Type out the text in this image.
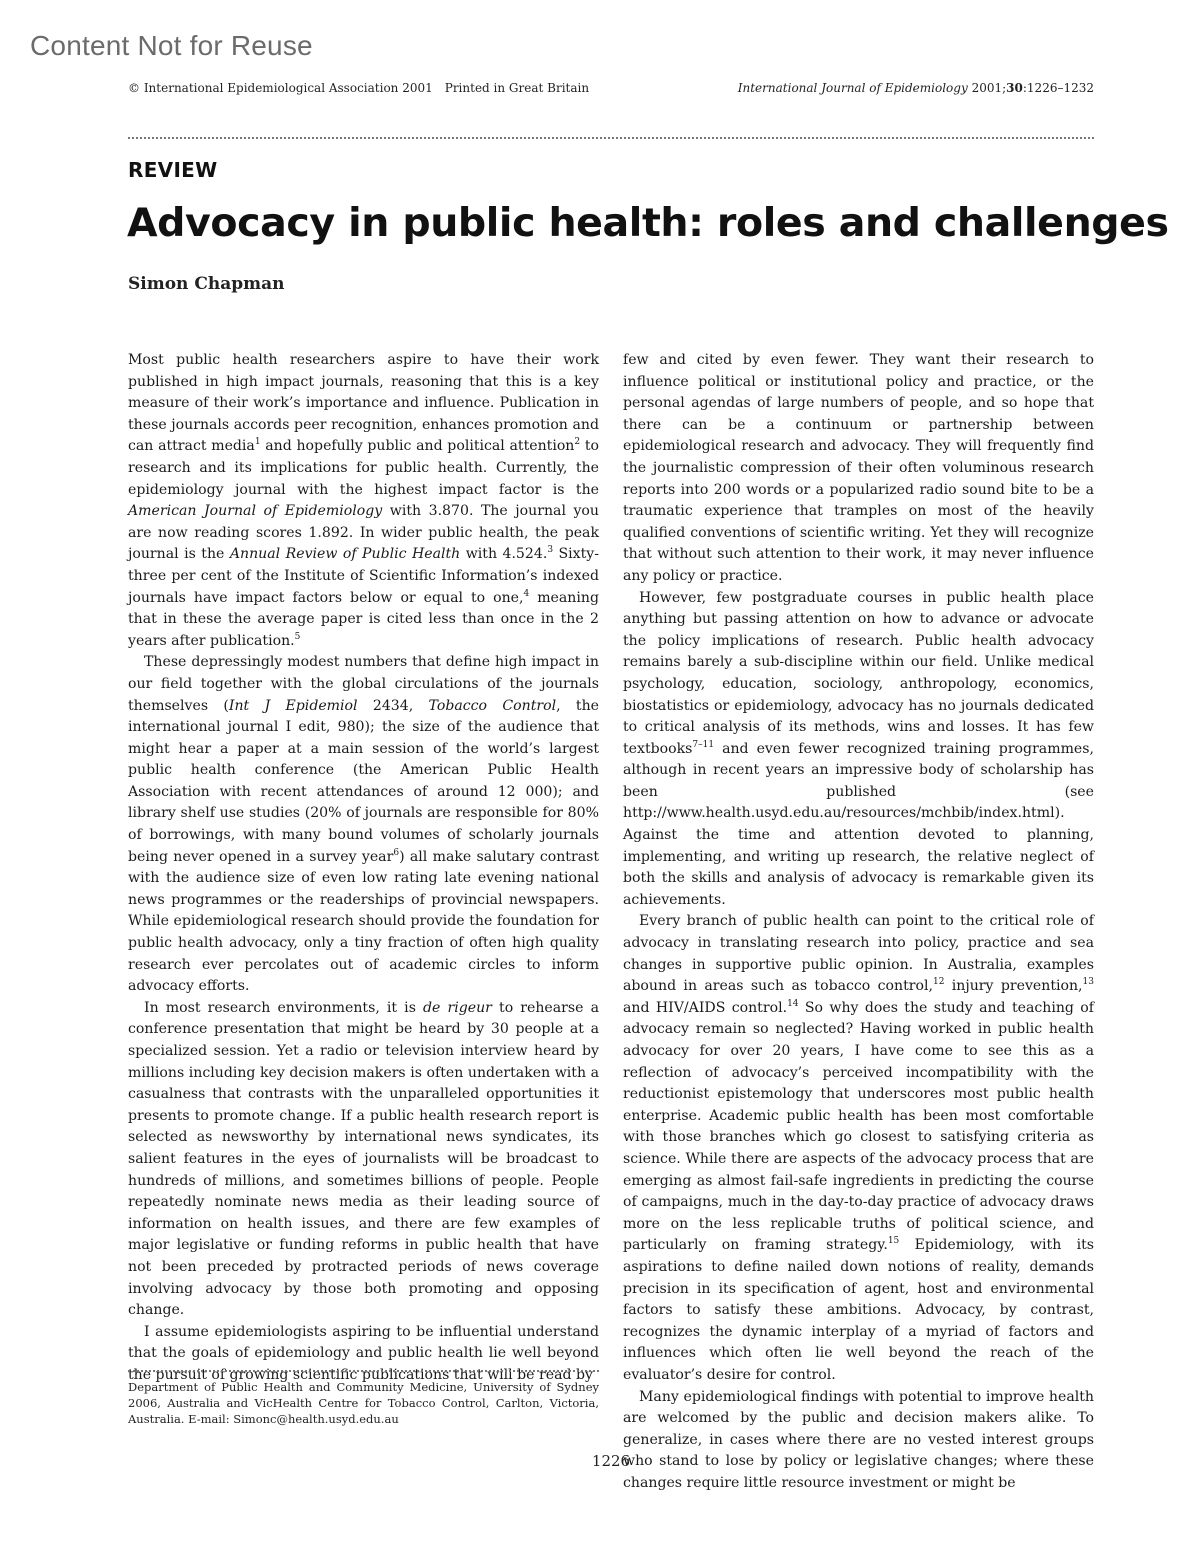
Content Not for Reuse
© International Epidemiological Association 2001 Printed in Great Britain	International Journal of Epidemiology 2001;30:1226–1232
REVIEW
Advocacy in public health: roles and challenges
Simon Chapman

Most public health researchers aspire to have their work published in high impact journals, reasoning that this is a key measure of their work’s importance and influence. Publication in these journals accords peer recognition, enhances promotion and can attract media$^1$ and hopefully public and political attention$^2$ to research and its implications for public health. Currently, the epidemiology journal with the highest impact factor is the American Journal of Epidemiology with 3.870. The journal you are now reading scores 1.892. In wider public health, the peak journal is the Annual Review of Public Health with 4.524.$^3$ Sixty-three per cent of the Institute of Scientific Information’s indexed journals have impact factors below or equal to one,$^4$ meaning that in these the average paper is cited less than once in the 2 years after publication.$^5$

These depressingly modest numbers that define high impact in our field together with the global circulations of the journals themselves (Int J Epidemiol 2434, Tobacco Control, the international journal I edit, 980); the size of the audience that might hear a paper at a main session of the world’s largest public health conference (the American Public Health Association with recent attendances of around 12 000); and library shelf use studies (20% of journals are responsible for 80% of borrowings, with many bound volumes of scholarly journals being never opened in a survey year$^6$) all make salutary contrast with the audience size of even low rating late evening national news programmes or the readerships of provincial newspapers. While epidemiological research should provide the foundation for public health advocacy, only a tiny fraction of often high quality research ever percolates out of academic circles to inform advocacy efforts.

In most research environments, it is de rigeur to rehearse a conference presentation that might be heard by 30 people at a specialized session. Yet a radio or television interview heard by millions including key decision makers is often undertaken with a casualness that contrasts with the unparalleled opportunities it presents to promote change. If a public health research report is selected as newsworthy by international news syndicates, its salient features in the eyes of journalists will be broadcast to hundreds of millions, and sometimes billions of people. People repeatedly nominate news media as their leading source of information on health issues, and there are few examples of major legislative or funding reforms in public health that have not been preceded by protracted periods of news coverage involving advocacy by those both promoting and opposing change.

I assume epidemiologists aspiring to be influential understand that the goals of epidemiology and public health lie well beyond the pursuit of growing scientific publications that will be read by

few and cited by even fewer. They want their research to influence political or institutional policy and practice, or the personal agendas of large numbers of people, and so hope that there can be a continuum or partnership between epidemiological research and advocacy. They will frequently find the journalistic compression of their often voluminous research reports into 200 words or a popularized radio sound bite to be a traumatic experience that tramples on most of the heavily qualified conventions of scientific writing. Yet they will recognize that without such attention to their work, it may never influence any policy or practice.

However, few postgraduate courses in public health place anything but passing attention on how to advance or advocate the policy implications of research. Public health advocacy remains barely a sub-discipline within our field. Unlike medical psychology, education, sociology, anthropology, economics, biostatistics or epidemiology, advocacy has no journals dedicated to critical analysis of its methods, wins and losses. It has few textbooks$^{7-11}$ and even fewer recognized training programmes, although in recent years an impressive body of scholarship has been published (see http://www.health.usyd.edu.au/resources/mchbib/index.html). Against the time and attention devoted to planning, implementing, and writing up research, the relative neglect of both the skills and analysis of advocacy is remarkable given its achievements.

Every branch of public health can point to the critical role of advocacy in translating research into policy, practice and sea changes in supportive public opinion. In Australia, examples abound in areas such as tobacco control,$^{12}$ injury prevention,$^{13}$ and HIV/AIDS control.$^{14}$ So why does the study and teaching of advocacy remain so neglected? Having worked in public health advocacy for over 20 years, I have come to see this as a reflection of advocacy’s perceived incompatibility with the reductionist epistemology that underscores most public health enterprise. Academic public health has been most comfortable with those branches which go closest to satisfying criteria as science. While there are aspects of the advocacy process that are emerging as almost fail-safe ingredients in predicting the course of campaigns, much in the day-to-day practice of advocacy draws more on the less replicable truths of political science, and particularly on framing strategy.$^{15}$ Epidemiology, with its aspirations to define nailed down notions of reality, demands precision in its specification of agent, host and environmental factors to satisfy these ambitions. Advocacy, by contrast, recognizes the dynamic interplay of a myriad of factors and influences which often lie well beyond the reach of the evaluator’s desire for control.

Many epidemiological findings with potential to improve health are welcomed by the public and decision makers alike. To generalize, in cases where there are no vested interest groups who stand to lose by policy or legislative changes; where these changes require little resource investment or might be

Department of Public Health and Community Medicine, University of Sydney 2006, Australia and VicHealth Centre for Tobacco Control, Carlton, Victoria, Australia. E-mail: Simonc@health.usyd.edu.au
1226
